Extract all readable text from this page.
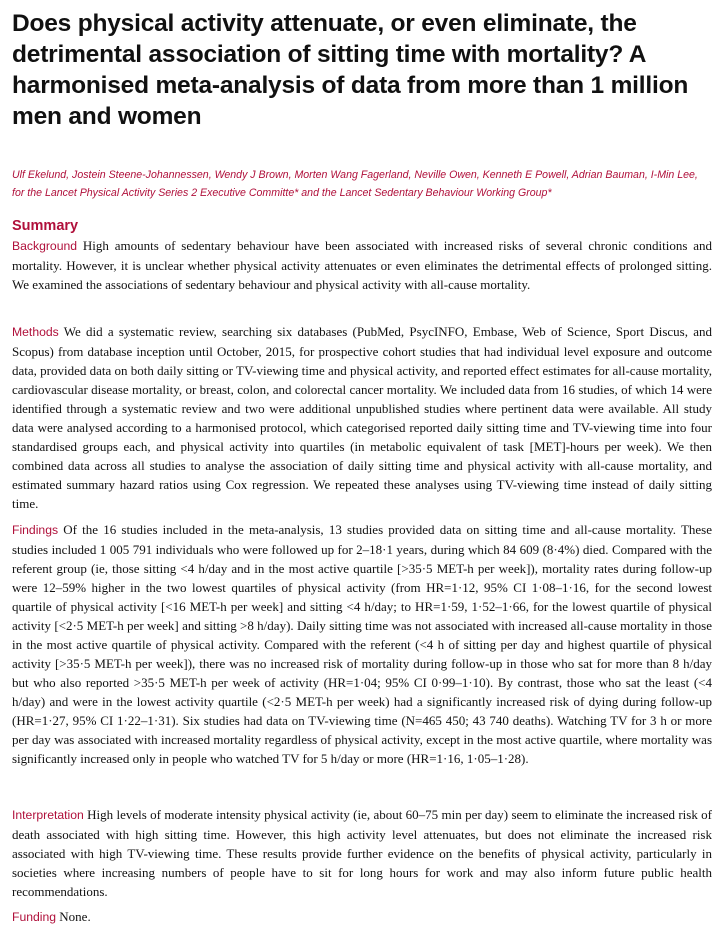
Does physical activity attenuate, or even eliminate, the detrimental association of sitting time with mortality? A harmonised meta-analysis of data from more than 1 million men and women

Ulf Ekelund, Jostein Steene-Johannessen, Wendy J Brown, Morten Wang Fagerland, Neville Owen, Kenneth E Powell, Adrian Bauman, I-Min Lee, for the Lancet Physical Activity Series 2 Executive Committe* and the Lancet Sedentary Behaviour Working Group*

Summary

Background High amounts of sedentary behaviour have been associated with increased risks of several chronic conditions and mortality. However, it is unclear whether physical activity attenuates or even eliminates the detrimental effects of prolonged sitting. We examined the associations of sedentary behaviour and physical activity with all-cause mortality.

Methods We did a systematic review, searching six databases (PubMed, PsycINFO, Embase, Web of Science, Sport Discus, and Scopus) from database inception until October, 2015, for prospective cohort studies that had individual level exposure and outcome data, provided data on both daily sitting or TV-viewing time and physical activity, and reported effect estimates for all-cause mortality, cardiovascular disease mortality, or breast, colon, and colorectal cancer mortality. We included data from 16 studies, of which 14 were identified through a systematic review and two were additional unpublished studies where pertinent data were available. All study data were analysed according to a harmonised protocol, which categorised reported daily sitting time and TV-viewing time into four standardised groups each, and physical activity into quartiles (in metabolic equivalent of task [MET]-hours per week). We then combined data across all studies to analyse the association of daily sitting time and physical activity with all-cause mortality, and estimated summary hazard ratios using Cox regression. We repeated these analyses using TV-viewing time instead of daily sitting time.

Findings Of the 16 studies included in the meta-analysis, 13 studies provided data on sitting time and all-cause mortality. These studies included 1 005 791 individuals who were followed up for 2–18·1 years, during which 84 609 (8·4%) died. Compared with the referent group (ie, those sitting <4 h/day and in the most active quartile [>35·5 MET-h per week]), mortality rates during follow-up were 12–59% higher in the two lowest quartiles of physical activity (from HR=1·12, 95% CI 1·08–1·16, for the second lowest quartile of physical activity [<16 MET-h per week] and sitting <4 h/day; to HR=1·59, 1·52–1·66, for the lowest quartile of physical activity [<2·5 MET-h per week] and sitting >8 h/day). Daily sitting time was not associated with increased all-cause mortality in those in the most active quartile of physical activity. Compared with the referent (<4 h of sitting per day and highest quartile of physical activity [>35·5 MET-h per week]), there was no increased risk of mortality during follow-up in those who sat for more than 8 h/day but who also reported >35·5 MET-h per week of activity (HR=1·04; 95% CI 0·99–1·10). By contrast, those who sat the least (<4 h/day) and were in the lowest activity quartile (<2·5 MET-h per week) had a significantly increased risk of dying during follow-up (HR=1·27, 95% CI 1·22–1·31). Six studies had data on TV-viewing time (N=465 450; 43 740 deaths). Watching TV for 3 h or more per day was associated with increased mortality regardless of physical activity, except in the most active quartile, where mortality was significantly increased only in people who watched TV for 5 h/day or more (HR=1·16, 1·05–1·28).

Interpretation High levels of moderate intensity physical activity (ie, about 60–75 min per day) seem to eliminate the increased risk of death associated with high sitting time. However, this high activity level attenuates, but does not eliminate the increased risk associated with high TV-viewing time. These results provide further evidence on the benefits of physical activity, particularly in societies where increasing numbers of people have to sit for long hours for work and may also inform future public health recommendations.

Funding None.
